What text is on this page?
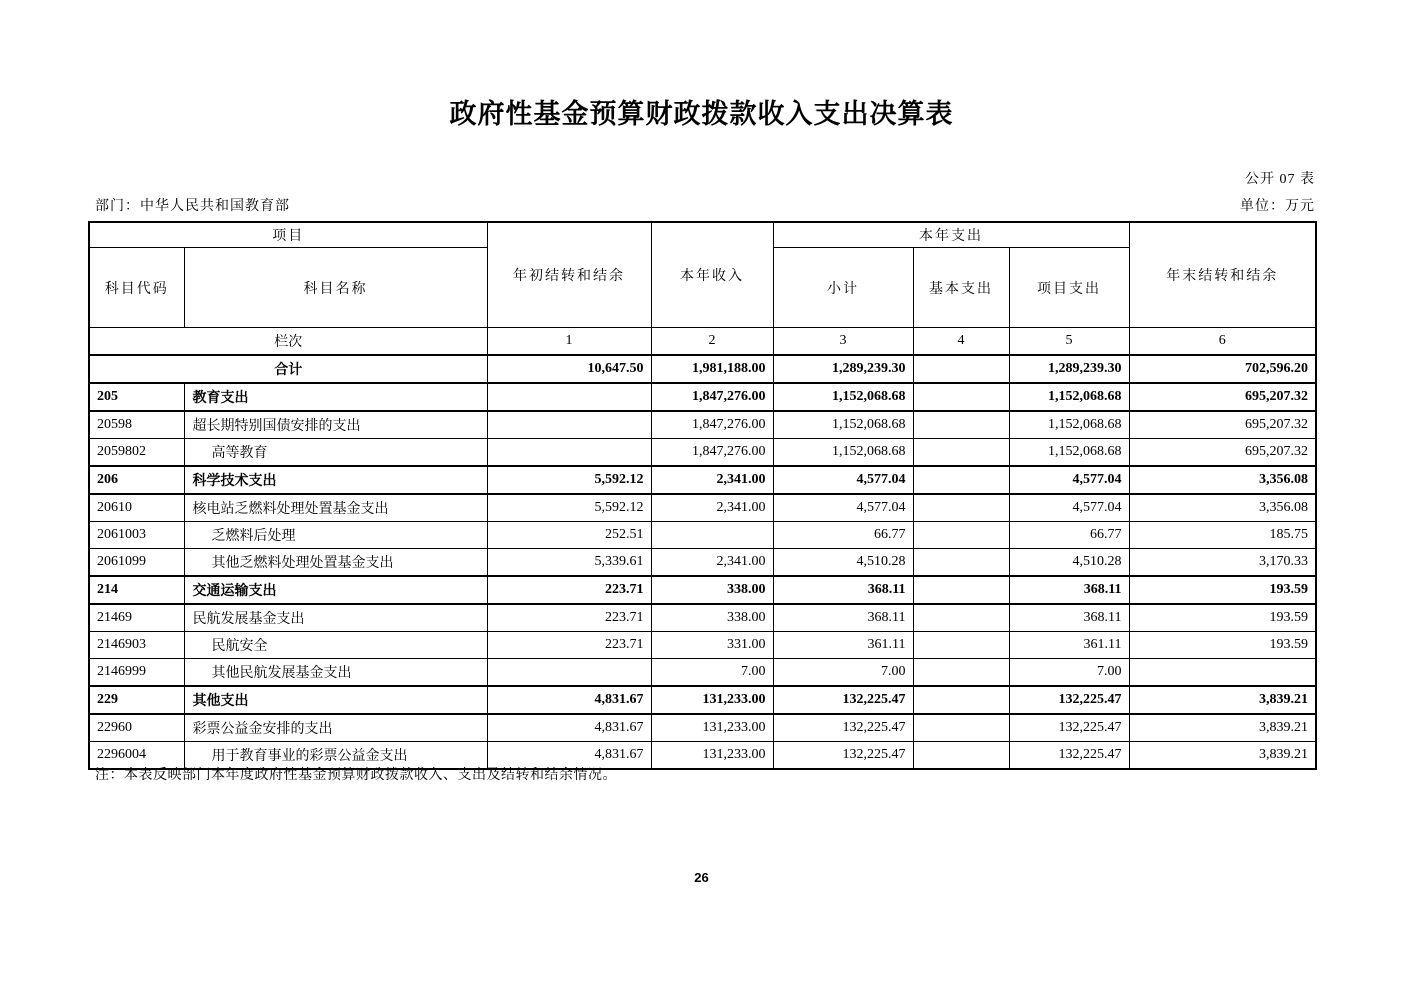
政府性基金预算财政拨款收入支出决算表
公开 07 表
部门：中华人民共和国教育部	单位：万元
项目		年初结转和结余	本年收入	本年支出			年末结转和结余
科目代码	科目名称			小计	基本支出	项目支出	
栏次		1	2	3	4	5	6
合计		10,647.50	1,981,188.00	1,289,239.30		1,289,239.30	702,596.20
205	教育支出		1,847,276.00	1,152,068.68		1,152,068.68	695,207.32
20598	超长期特别国债安排的支出		1,847,276.00	1,152,068.68		1,152,068.68	695,207.32
2059802	高等教育		1,847,276.00	1,152,068.68		1,152,068.68	695,207.32
206	科学技术支出	5,592.12	2,341.00	4,577.04		4,577.04	3,356.08
20610	核电站乏燃料处理处置基金支出	5,592.12	2,341.00	4,577.04		4,577.04	3,356.08
2061003	乏燃料后处理	252.51		66.77		66.77	185.75
2061099	其他乏燃料处理处置基金支出	5,339.61	2,341.00	4,510.28		4,510.28	3,170.33
214	交通运输支出	223.71	338.00	368.11		368.11	193.59
21469	民航发展基金支出	223.71	338.00	368.11		368.11	193.59
2146903	民航安全	223.71	331.00	361.11		361.11	193.59
2146999	其他民航发展基金支出		7.00	7.00		7.00	
229	其他支出	4,831.67	131,233.00	132,225.47		132,225.47	3,839.21
22960	彩票公益金安排的支出	4,831.67	131,233.00	132,225.47		132,225.47	3,839.21
2296004	用于教育事业的彩票公益金支出	4,831.67	131,233.00	132,225.47		132,225.47	3,839.21
注：本表反映部门本年度政府性基金预算财政拨款收入、支出及结转和结余情况。
26
